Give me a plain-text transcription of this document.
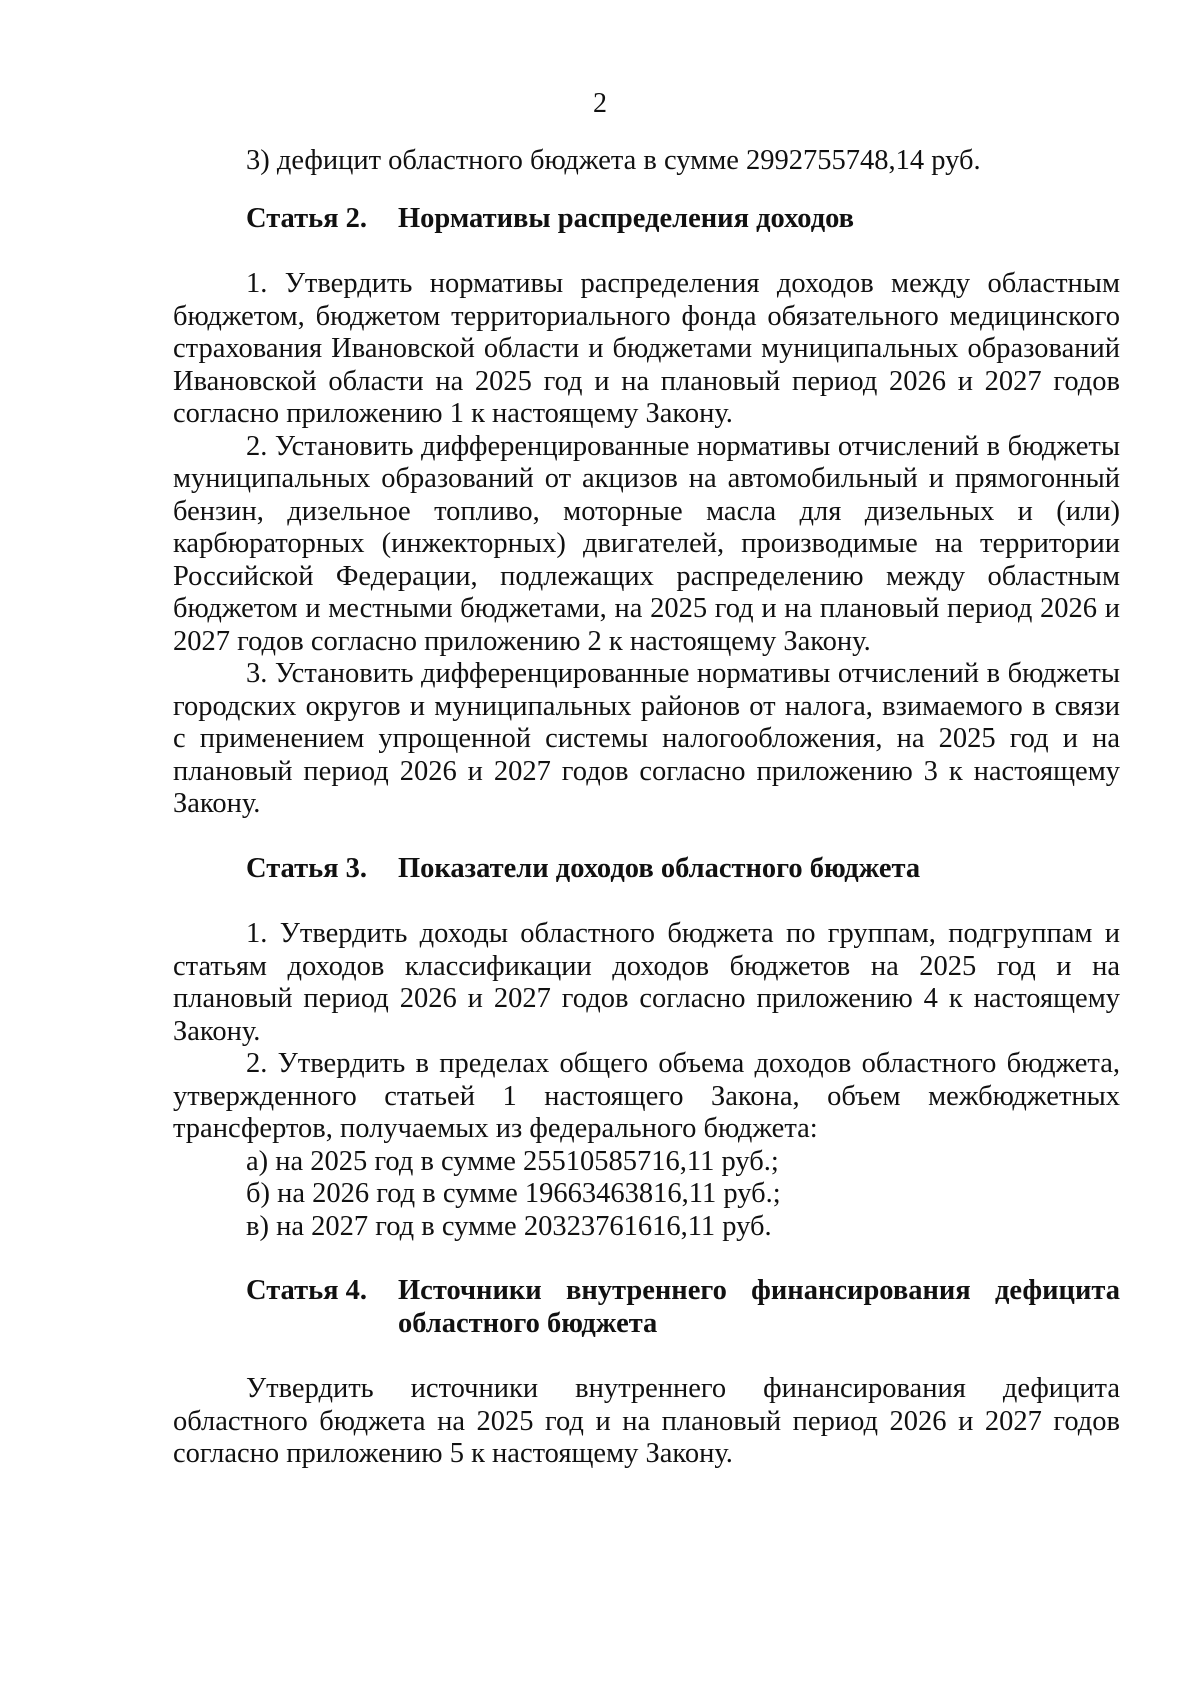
2

3) дефицит областного бюджета в сумме 2992755748,14 руб.

Статья 2.	Нормативы распределения доходов

1. Утвердить нормативы распределения доходов между областным бюджетом, бюджетом территориального фонда обязательного медицинского страхования Ивановской области и бюджетами муниципальных образований Ивановской области на 2025 год и на плановый период 2026 и 2027 годов согласно приложению 1 к настоящему Закону.

2. Установить дифференцированные нормативы отчислений в бюджеты муниципальных образований от акцизов на автомобильный и прямогонный бензин, дизельное топливо, моторные масла для дизельных и (или) карбюраторных (инжекторных) двигателей, производимые на территории Российской Федерации, подлежащих распределению между областным бюджетом и местными бюджетами, на 2025 год и на плановый период 2026 и 2027 годов согласно приложению 2 к настоящему Закону.

3. Установить дифференцированные нормативы отчислений в бюджеты городских округов и муниципальных районов от налога, взимаемого в связи с применением упрощенной системы налогообложения, на 2025 год и на плановый период 2026 и 2027 годов согласно приложению 3 к настоящему Закону.

Статья 3.	Показатели доходов областного бюджета

1. Утвердить доходы областного бюджета по группам, подгруппам и статьям доходов классификации доходов бюджетов на 2025 год и на плановый период 2026 и 2027 годов согласно приложению 4 к настоящему Закону.

2. Утвердить в пределах общего объема доходов областного бюджета, утвержденного статьей 1 настоящего Закона, объем межбюджетных трансфертов, получаемых из федерального бюджета:

а) на 2025 год в сумме 25510585716,11 руб.;

б) на 2026 год в сумме 19663463816,11 руб.;

в) на 2027 год в сумме 20323761616,11 руб.

Статья 4.	Источники внутреннего финансирования дефицита областного бюджета

Утвердить источники внутреннего финансирования дефицита областного бюджета на 2025 год и на плановый период 2026 и 2027 годов согласно приложению 5 к настоящему Закону.
